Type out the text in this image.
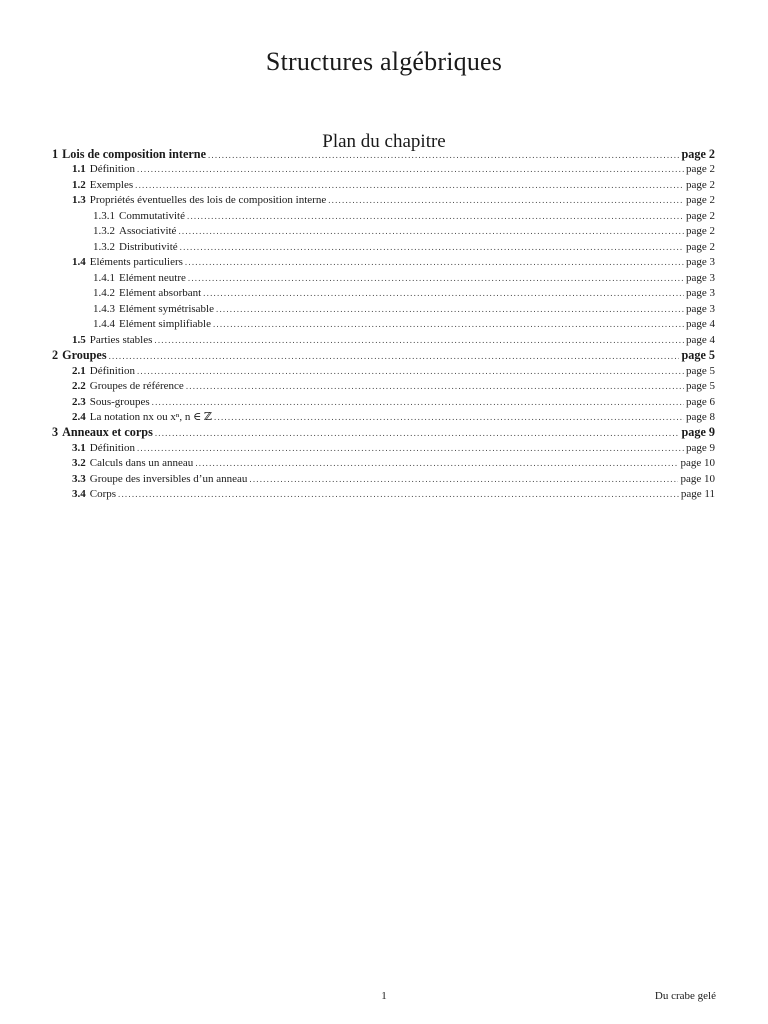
Structures algébriques
Plan du chapitre
1 Lois de composition interne .....	page 2
1.1 Définition .....	page 2
1.2 Exemples .....	page 2
1.3 Propriétés éventuelles des lois de composition interne .....	page 2
1.3.1 Commutativité .....	page 2
1.3.2 Associativité .....	page 2
1.3.2 Distributivité .....	page 2
1.4 Eléments particuliers .....	page 3
1.4.1 Elément neutre .....	page 3
1.4.2 Elément absorbant .....	page 3
1.4.3 Elément symétrisable .....	page 3
1.4.4 Elément simplifiable .....	page 4
1.5 Parties stables .....	page 4
2 Groupes .....	page 5
2.1 Définition .....	page 5
2.2 Groupes de référence .....	page 5
2.3 Sous-groupes .....	page 6
2.4 La notation nx ou xⁿ, n ∈ ℤ .....	page 8
3 Anneaux et corps .....	page 9
3.1 Définition .....	page 9
3.2 Calculs dans un anneau .....	page 10
3.3 Groupe des inversibles d’un anneau .....	page 10
3.4 Corps .....	page 11
1	Du crabe gelé
